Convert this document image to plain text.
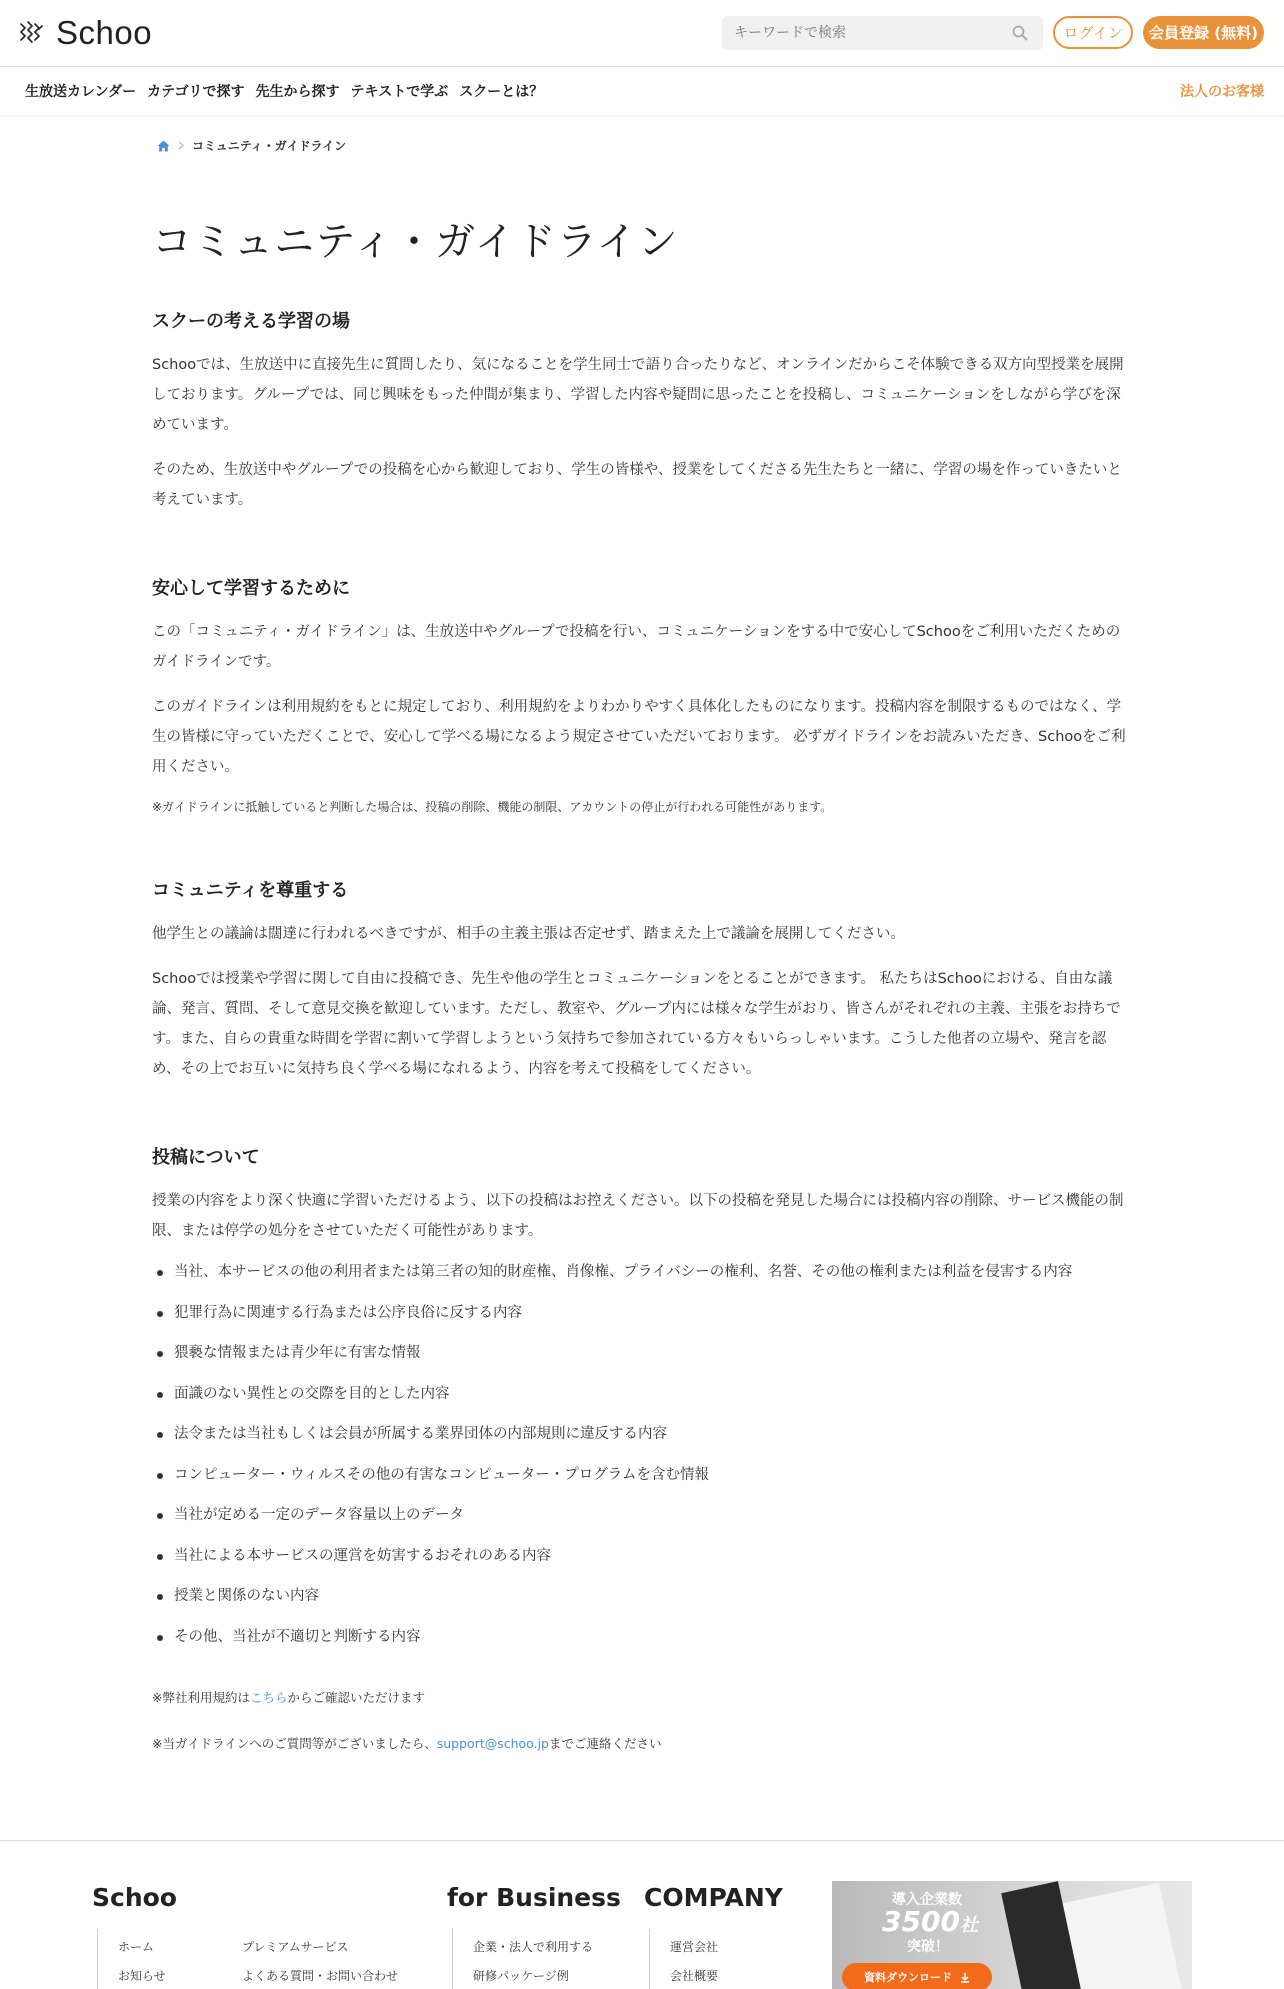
Schoo
キーワードで検索	ログイン	会員登録 (無料)
生放送カレンダー カテゴリで探す 先生から探す テキストで学ぶ スクーとは？	法人のお客様
コミュニティ・ガイドライン
コミュニティ・ガイドライン
スクーの考える学習の場

Schooでは、生放送中に直接先生に質問したり、気になることを学生同士で語り合ったりなど、オンラインだからこそ体験できる双方向型授業を展開しております。グループでは、同じ興味をもった仲間が集まり、学習した内容や疑問に思ったことを投稿し、コミュニケーションをしながら学びを深めています。

そのため、生放送中やグループでの投稿を心から歓迎しており、学生の皆様や、授業をしてくださる先生たちと一緒に、学習の場を作っていきたいと考えています。

安心して学習するために

この「コミュニティ・ガイドライン」は、生放送中やグループで投稿を行い、コミュニケーションをする中で安心してSchooをご利用いただくためのガイドラインです。

このガイドラインは利用規約をもとに規定しており、利用規約をよりわかりやすく具体化したものになります。投稿内容を制限するものではなく、学生の皆様に守っていただくことで、安心して学べる場になるよう規定させていただいております。 必ずガイドラインをお読みいただき、Schooをご利用ください。

※ガイドラインに抵触していると判断した場合は、投稿の削除、機能の制限、アカウントの停止が行われる可能性があります。

コミュニティを尊重する

他学生との議論は闊達に行われるべきですが、相手の主義主張は否定せず、踏まえた上で議論を展開してください。

Schooでは授業や学習に関して自由に投稿でき、先生や他の学生とコミュニケーションをとることができます。 私たちはSchooにおける、自由な議論、発言、質問、そして意見交換を歓迎しています。ただし、教室や、グループ内には様々な学生がおり、皆さんがそれぞれの主義、主張をお持ちです。また、自らの貴重な時間を学習に割いて学習しようという気持ちで参加されている方々もいらっしゃいます。こうした他者の立場や、発言を認め、その上でお互いに気持ち良く学べる場になれるよう、内容を考えて投稿をしてください。

投稿について

授業の内容をより深く快適に学習いただけるよう、以下の投稿はお控えください。以下の投稿を発見した場合には投稿内容の削除、サービス機能の制限、または停学の処分をさせていただく可能性があります。

当社、本サービスの他の利用者または第三者の知的財産権、肖像権、プライバシーの権利、名誉、その他の権利または利益を侵害する内容
犯罪行為に関連する行為または公序良俗に反する内容
猥褻な情報または青少年に有害な情報
面識のない異性との交際を目的とした内容
法令または当社もしくは会員が所属する業界団体の内部規則に違反する内容
コンピューター・ウィルスその他の有害なコンピューター・プログラムを含む情報
当社が定める一定のデータ容量以上のデータ
当社による本サービスの運営を妨害するおそれのある内容
授業と関係のない内容
その他、当社が不適切と判断する内容
※弊社利用規約はこちらからご確認いただけます
※当ガイドラインへのご質問等がございましたら、support@schoo.jpまでご連絡ください
Schoo
ホーム
お知らせ
プレミアムサービス
よくある質問・お問い合わせ
for Business
企業・法人で利用する
研修パッケージ例
COMPANY
運営会社
会社概要
導入企業数
3500社
突破！
資料ダウンロード
